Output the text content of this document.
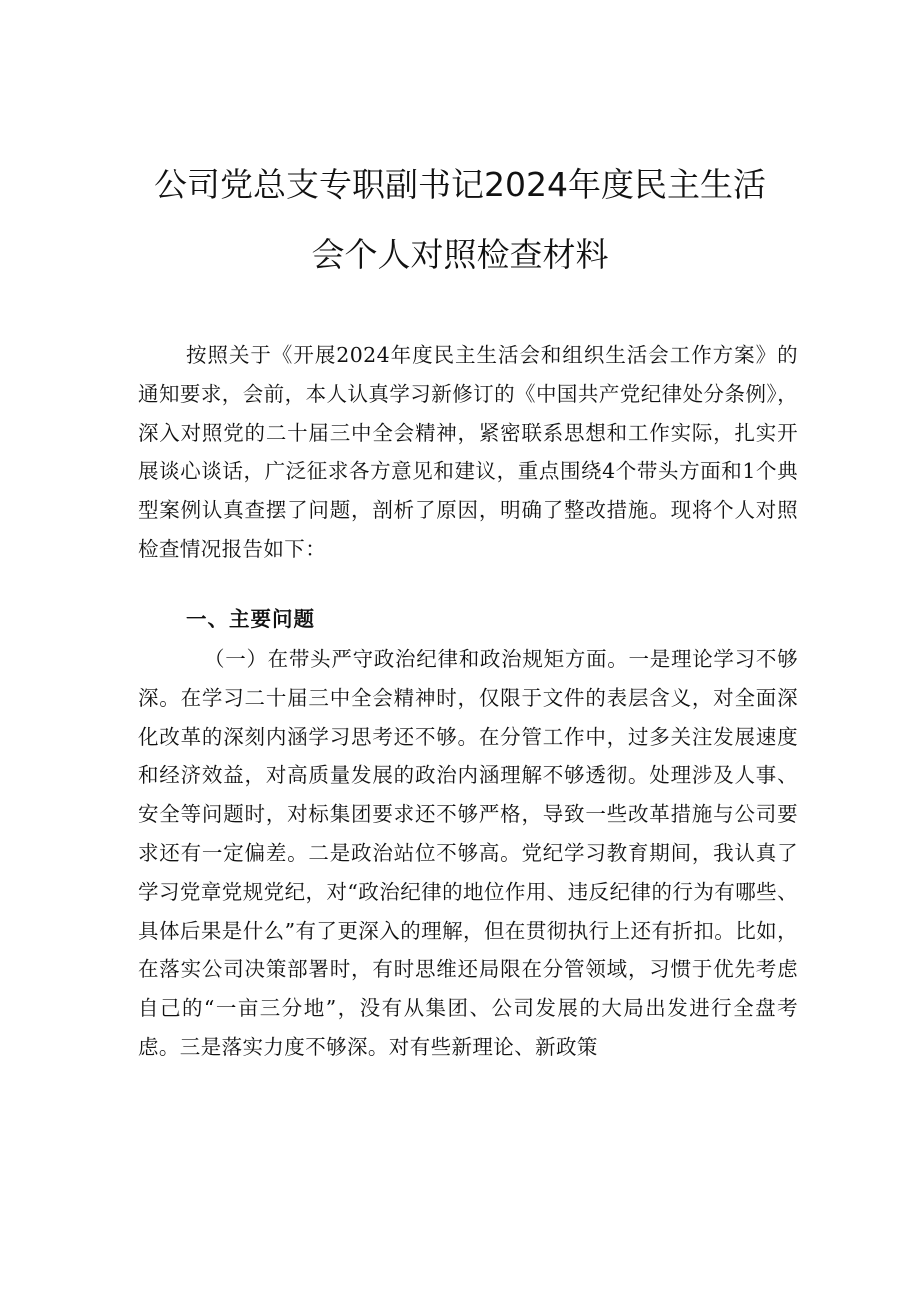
公司党总支专职副书记2024年度民主生活
会个人对照检查材料

按照关于《开展2024年度民主生活会和组织生活会工作方案》的通知要求，会前，本人认真学习新修订的《中国共产党纪律处分条例》，深入对照党的二十届三中全会精神，紧密联系思想和工作实际，扎实开展谈心谈话，广泛征求各方意见和建议，重点围绕4个带头方面和1个典型案例认真查摆了问题，剖析了原因，明确了整改措施。现将个人对照检查情况报告如下：

一、主要问题

（一）在带头严守政治纪律和政治规矩方面。一是理论学习不够深。在学习二十届三中全会精神时，仅限于文件的表层含义，对全面深化改革的深刻内涵学习思考还不够。在分管工作中，过多关注发展速度和经济效益，对高质量发展的政治内涵理解不够透彻。处理涉及人事、安全等问题时，对标集团要求还不够严格，导致一些改革措施与公司要求还有一定偏差。二是政治站位不够高。党纪学习教育期间，我认真了学习党章党规党纪，对“政治纪律的地位作用、违反纪律的行为有哪些、具体后果是什么”有了更深入的理解，但在贯彻执行上还有折扣。比如，在落实公司决策部署时，有时思维还局限在分管领域，习惯于优先考虑自己的“一亩三分地”，没有从集团、公司发展的大局出发进行全盘考虑。三是落实力度不够深。对有些新理论、新政策
